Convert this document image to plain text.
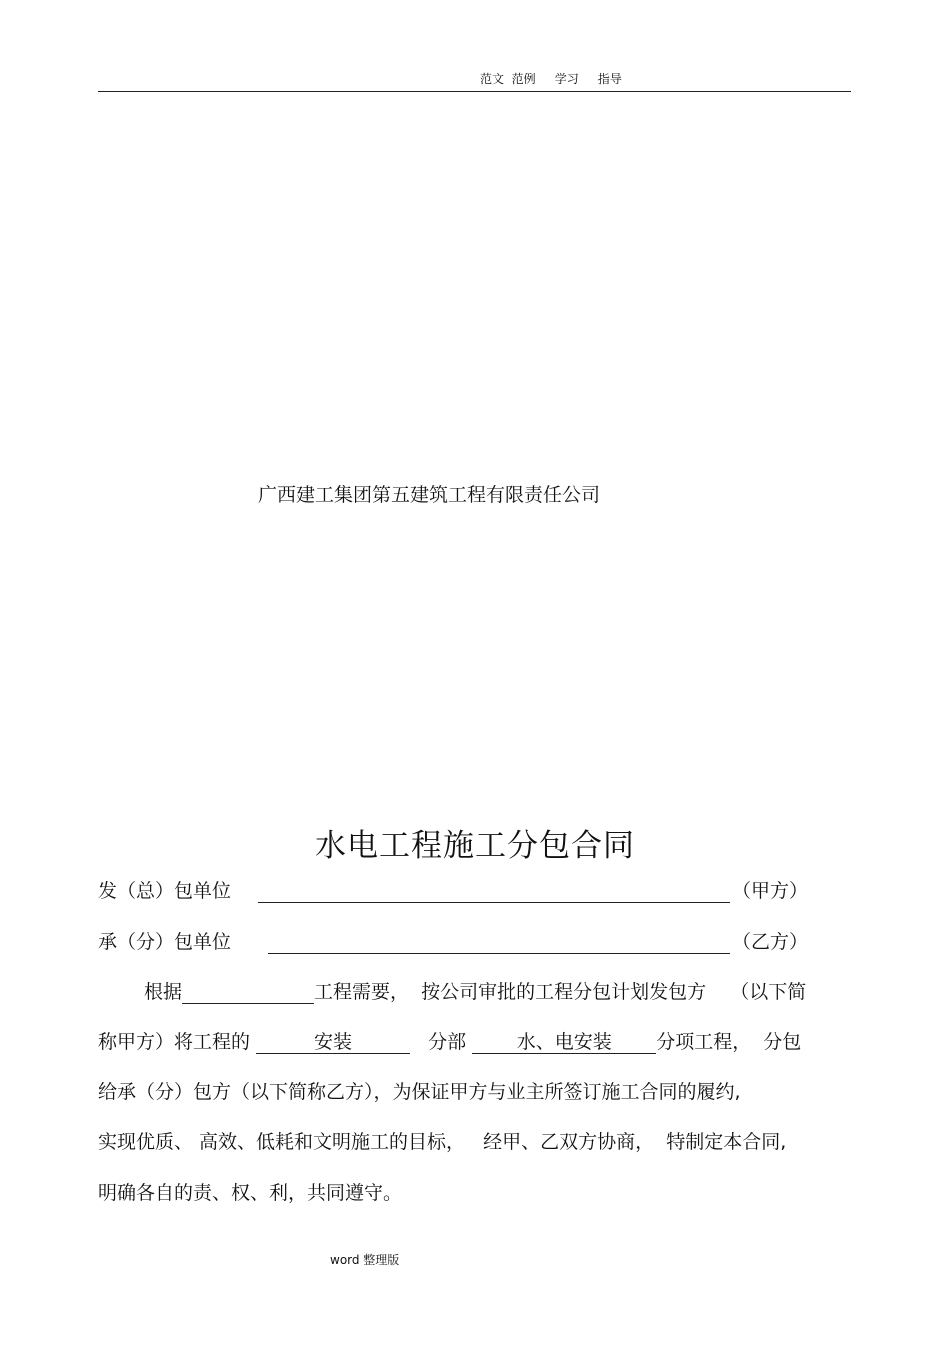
范文  范例     学习     指导
广西建工集团第五建筑工程有限责任公司
水电工程施工分包合同

发（总）包单位

	（甲方）

承（分）包单位

	（乙方）

根据	工程需要，  按公司审批的工程分包计划发包方    （以下简
称甲方）将工程的	安装	分部 水、电安装 分项工程，  分包
给承（分）包方（以下简称乙方），为保证甲方与业主所签订施工合同的履约,
实现优质、 高效、低耗和文明施工的目标，   经甲、乙双方协商，  特制定本合同,
明确各自的责、权、利，共同遵守。
word 整理版
